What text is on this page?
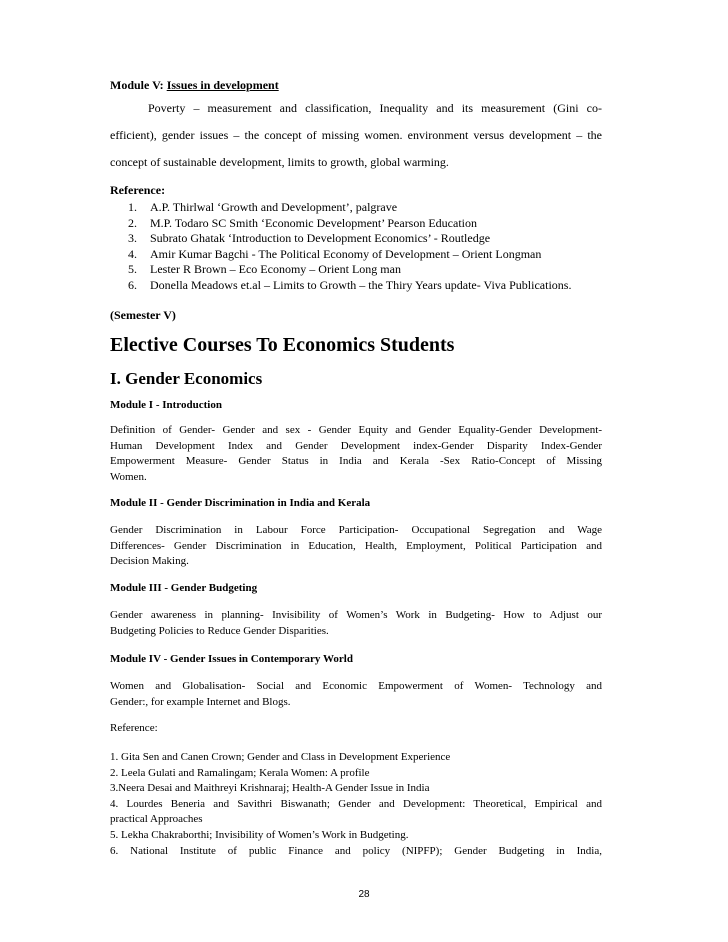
Module V: Issues in development
Poverty – measurement and classification, Inequality and its measurement (Gini co-
efficient), gender issues – the concept of missing women. environment versus development – the
concept of sustainable development, limits to growth, global warming.
Reference:
1.	A.P. Thirlwal ‘Growth and Development’, palgrave
2.	M.P. Todaro SC Smith ‘Economic Development’ Pearson Education
3.	Subrato Ghatak ‘Introduction to Development Economics’ - Routledge
4.	Amir Kumar Bagchi - The Political Economy of Development – Orient Longman
5.	Lester R Brown – Eco Economy – Orient Long man
6.	Donella Meadows et.al – Limits to Growth – the Thiry Years update- Viva Publications.
(Semester V)
Elective Courses To Economics Students
I. Gender Economics
Module I - Introduction
Definition of Gender- Gender and sex - Gender Equity and Gender Equality-Gender Development-
Human Development Index and Gender Development index-Gender Disparity Index-Gender
Empowerment Measure- Gender Status in India and Kerala -Sex Ratio-Concept of Missing
Women.
Module II - Gender Discrimination in India and Kerala
Gender Discrimination in Labour Force Participation- Occupational Segregation and Wage
Differences- Gender Discrimination in Education, Health, Employment, Political Participation and
Decision Making.
Module III - Gender Budgeting
Gender awareness in planning- Invisibility of Women’s Work in Budgeting- How to Adjust our
Budgeting Policies to Reduce Gender Disparities.
Module IV - Gender Issues in Contemporary World
Women and Globalisation- Social and Economic Empowerment of Women- Technology and
Gender:, for example Internet and Blogs.
Reference:
1. Gita Sen and Canen Crown; Gender and Class in Development Experience
2. Leela Gulati and Ramalingam; Kerala Women: A profile
3.Neera Desai and Maithreyi Krishnaraj; Health-A Gender Issue in India
4. Lourdes Beneria and Savithri Biswanath; Gender and Development: Theoretical, Empirical and
practical Approaches
5. Lekha Chakraborthi; Invisibility of Women’s Work in Budgeting.
6. National Institute of public Finance and policy (NIPFP); Gender Budgeting in India,
28
